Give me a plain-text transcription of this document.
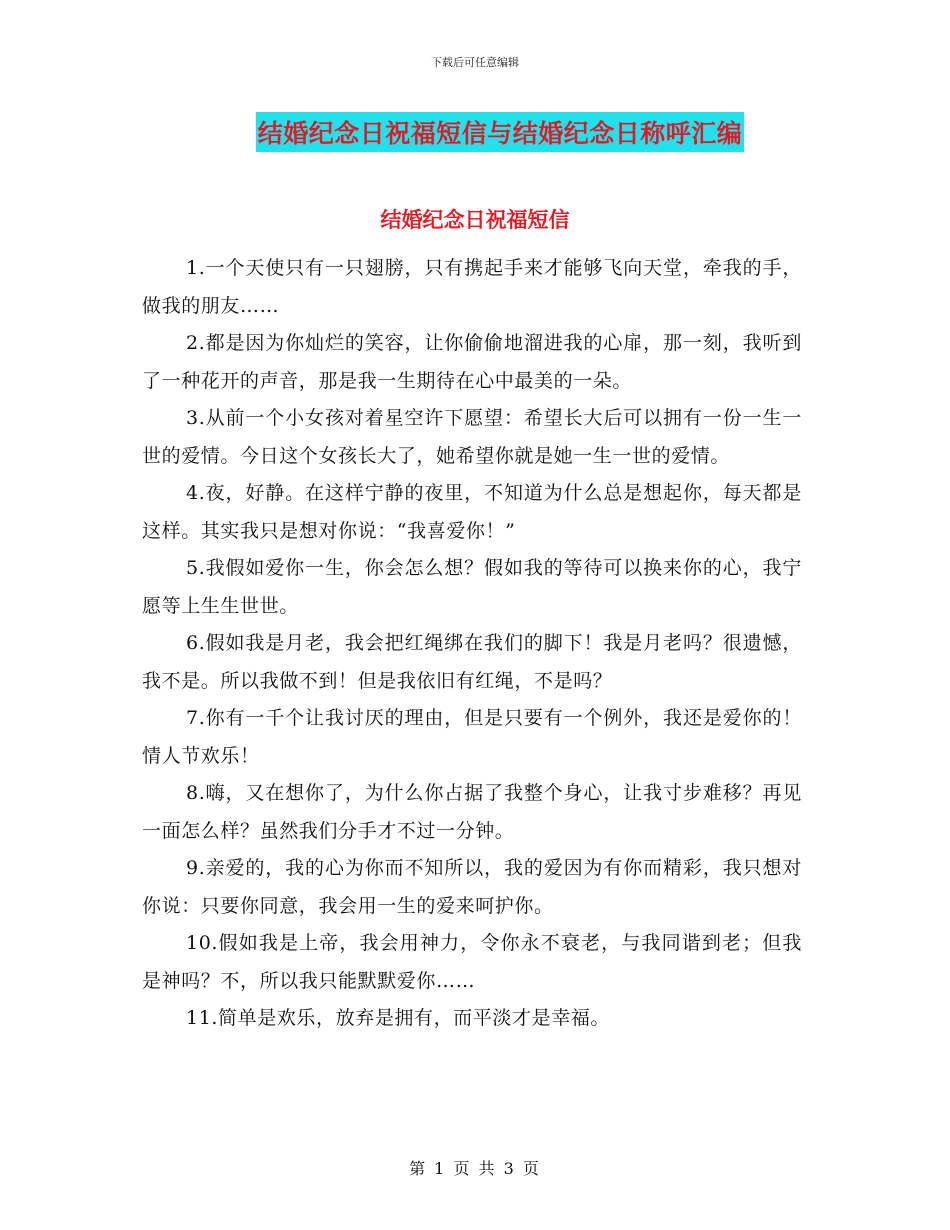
下载后可任意编辑
结婚纪念日祝福短信与结婚纪念日称呼汇编
结婚纪念日祝福短信

1.一个天使只有一只翅膀，只有携起手来才能够飞向天堂，牵我的手，做我的朋友……

2.都是因为你灿烂的笑容，让你偷偷地溜进我的心扉，那一刻，我听到了一种花开的声音，那是我一生期待在心中最美的一朵。

3.从前一个小女孩对着星空许下愿望：希望长大后可以拥有一份一生一世的爱情。今日这个女孩长大了，她希望你就是她一生一世的爱情。

4.夜，好静。在这样宁静的夜里，不知道为什么总是想起你，每天都是这样。其实我只是想对你说：“我喜爱你！”

5.我假如爱你一生，你会怎么想？假如我的等待可以换来你的心，我宁愿等上生生世世。

6.假如我是月老，我会把红绳绑在我们的脚下！我是月老吗？很遗憾，我不是。所以我做不到！但是我依旧有红绳，不是吗？

7.你有一千个让我讨厌的理由，但是只要有一个例外，我还是爱你的！情人节欢乐！

8.嗨，又在想你了，为什么你占据了我整个身心，让我寸步难移？再见一面怎么样？虽然我们分手才不过一分钟。

9.亲爱的，我的心为你而不知所以，我的爱因为有你而精彩，我只想对你说：只要你同意，我会用一生的爱来呵护你。

10.假如我是上帝，我会用神力，令你永不衰老，与我同谐到老；但我是神吗？不，所以我只能默默爱你……

11.简单是欢乐，放弃是拥有，而平淡才是幸福。

第 1 页 共 3 页
